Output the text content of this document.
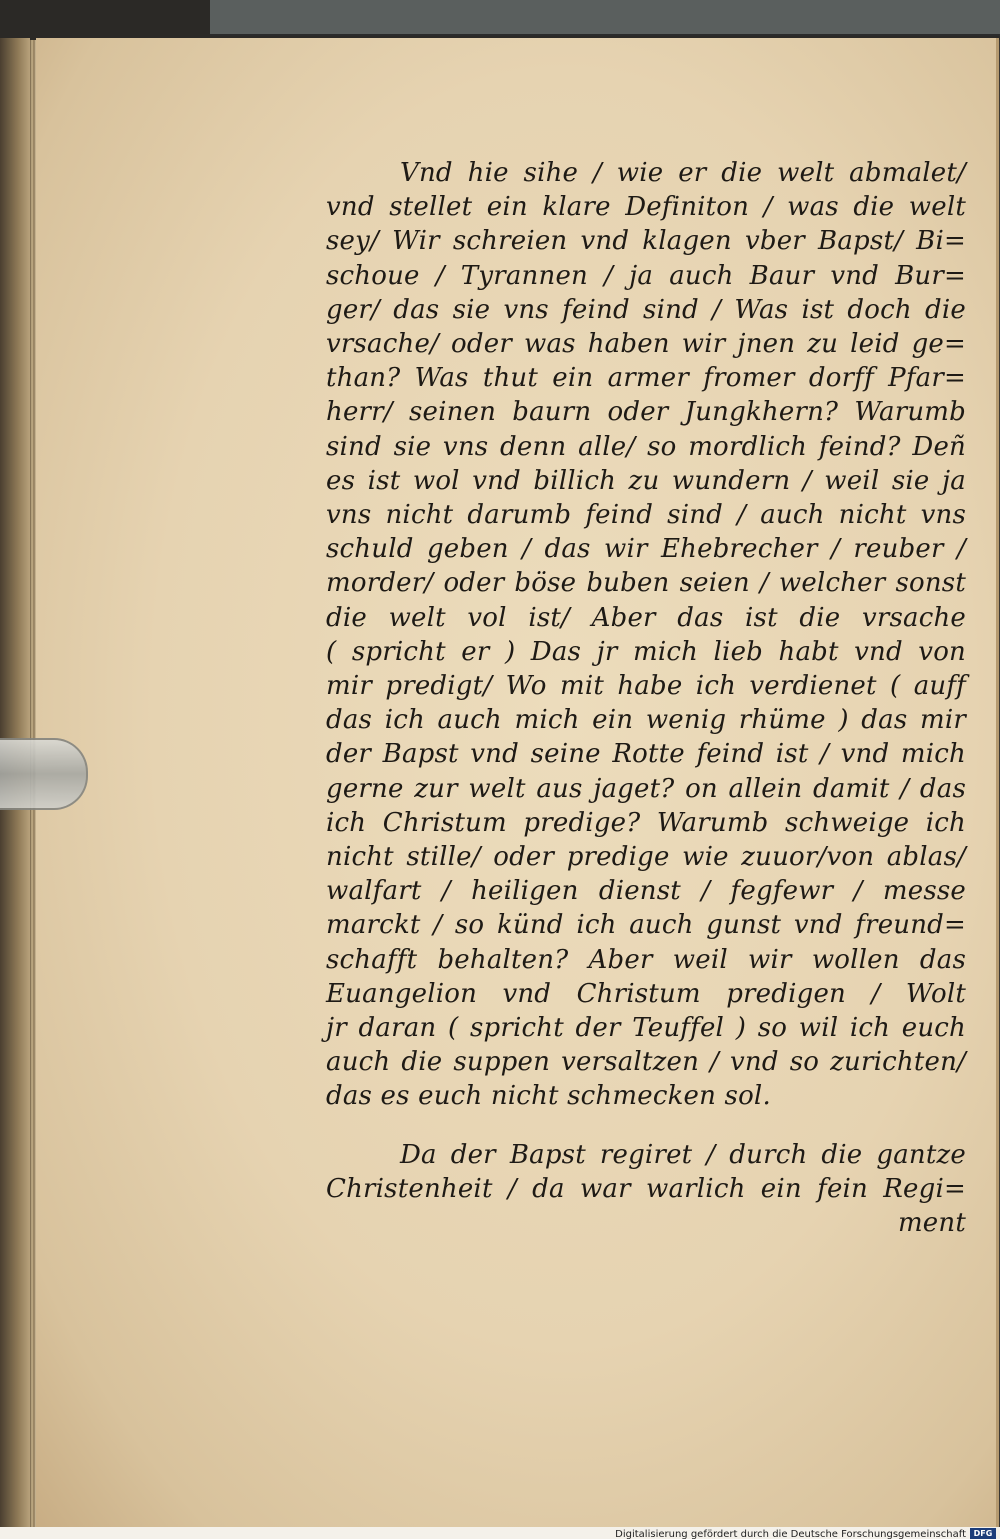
Vnd hie sihe / wie er die welt abmalet/
vnd stellet ein klare Definiton / was die welt
sey/ Wir schreien vnd klagen vber Bapst/ Bi=
schoue / Tyrannen / ja auch Baur vnd Bur=
ger/ das sie vns feind sind / Was ist doch die
vrsache/ oder was haben wir jnen zu leid ge=
than? Was thut ein armer fromer dorff Pfar=
herr/ seinen baurn oder Jungkhern? Warumb
sind sie vns denn alle/ so mordlich feind? Deñ
es ist wol vnd billich zu wundern / weil sie ja
vns nicht darumb feind sind / auch nicht vns
schuld geben / das wir Ehebrecher / reuber /
morder/ oder böse buben seien / welcher sonst
die welt vol ist/ Aber das ist die vrsache
( spricht er ) Das jr mich lieb habt vnd von
mir predigt/ Wo mit habe ich verdienet ( auff
das ich auch mich ein wenig rhüme ) das mir
der Bapst vnd seine Rotte feind ist / vnd mich
gerne zur welt aus jaget? on allein damit / das
ich Christum predige? Warumb schweige ich
nicht stille/ oder predige wie zuuor/von ablas/
walfart / heiligen dienst / fegfewr / messe
marckt / so künd ich auch gunst vnd freund=
schafft behalten? Aber weil wir wollen das
Euangelion vnd Christum predigen / Wolt
jr daran ( spricht der Teuffel ) so wil ich euch
auch die suppen versaltzen / vnd so zurichten/
das es euch nicht schmecken sol.
Da der Bapst regiret / durch die gantze
Christenheit / da war warlich ein fein Regi=
ment
Digitalisierung gefördert durch die Deutsche Forschungsgemeinschaft DFG
